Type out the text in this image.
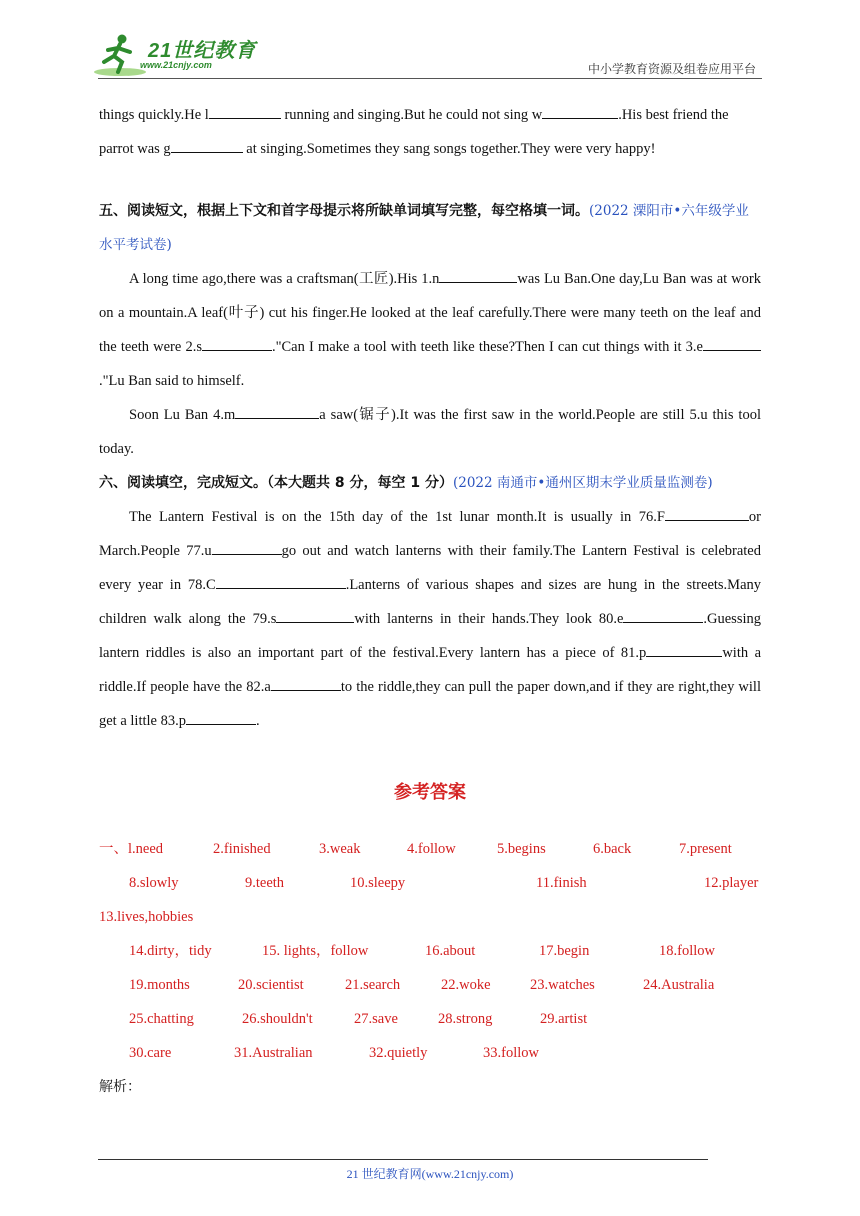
21世纪教育
www.21cnjy.com	中小学教育资源及组卷应用平台

things quickly.He l	running and singing.But he could not sing w	.His best friend the
parrot was g	at singing.Sometimes they sang songs together.They were very happy!

五、阅读短文，根据上下文和首字母提示将所缺单词填写完整，每空格填一词。(2022 溧阳市•六年级学业水平考试卷)

A long time ago,there was a craftsman(工匠).His 1.n	was Lu Ban.One day,Lu Ban was at work on a mountain.A leaf(叶子) cut his finger.He looked at the leaf carefully.There were many teeth on the leaf and the teeth were 2.s	."Can I make a tool with teeth like these?Then I can cut things with it 3.e."Lu Ban said to himself.

Soon Lu Ban 4.m	a saw(锯子).It was the first saw in the world.People are still 5.u this tool today.

六、阅读填空，完成短文。（本大题共 8 分，每空 1 分）(2022 南通市•通州区期末学业质量监测卷)

The Lantern Festival is on the 15th day of the 1st lunar month.It is usually in 76.F	or March.People 77.u	go out and watch lanterns with their family.The Lantern Festival is celebrated every year in 78.C	.Lanterns of various shapes and sizes are hung in the streets.Many children walk along the 79.s	with lanterns in their hands.They look 80.e	.Guessing lantern riddles is also an important part of the festival.Every lantern has a piece of 81.p	with a riddle.If people have the 82.a	to the riddle,they can pull the paper down,and if they are right,they will get a little 83.p	.

参考答案
一、l.need	2.finished	3.weak	4.follow	5.begins	6.back	7.present
8.slowly	9.teeth	10.sleepy	11.finish	12.player
13.lives,hobbies
14.dirty，tidy	15. lights，follow	16.about	17.begin	18.follow
19.months	20.scientist	21.search	22.woke	23.watches	24.Australia
25.chatting	26.shouldn't	27.save	28.strong	29.artist
30.care	31.Australian	32.quietly	33.follow
解析：
21 世纪教育网(www.21cnjy.com)
